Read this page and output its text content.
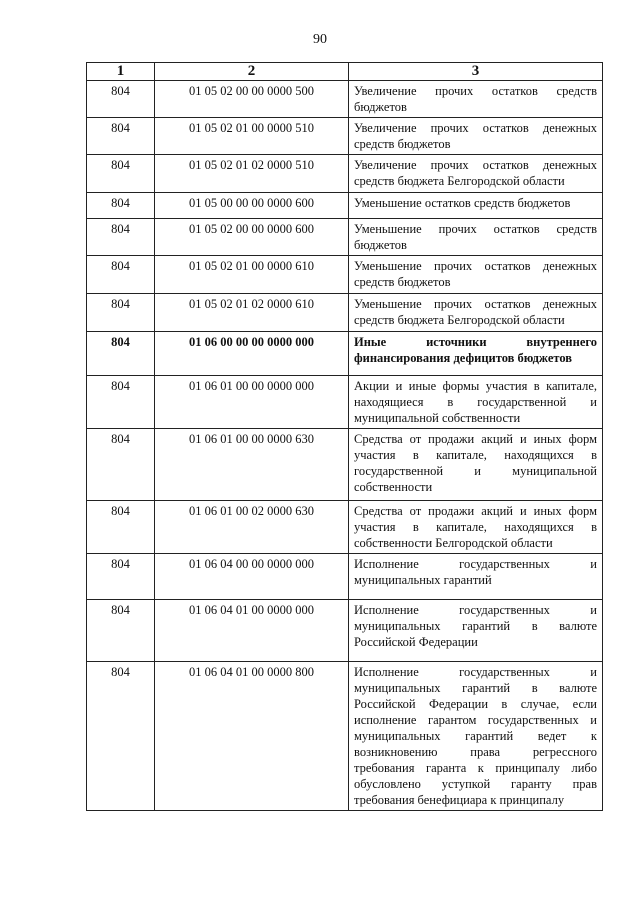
90
1	2	3
804	01 05 02 00 00 0000 500	Увеличение прочих остатков средств бюджетов
804	01 05 02 01 00 0000 510	Увеличение прочих остатков денежных средств бюджетов
804	01 05 02 01 02 0000 510	Увеличение прочих остатков денежных средств бюджета Белгородской области
804	01 05 00 00 00 0000 600	Уменьшение остатков средств бюджетов
804	01 05 02 00 00 0000 600	Уменьшение прочих остатков средств бюджетов
804	01 05 02 01 00 0000 610	Уменьшение прочих остатков денежных средств бюджетов
804	01 05 02 01 02 0000 610	Уменьшение прочих остатков денежных средств бюджета Белгородской области
804	01 06 00 00 00 0000 000	Иные источники внутреннего финансирования дефицитов бюджетов
804	01 06 01 00 00 0000 000	Акции и иные формы участия в капитале, находящиеся в государственной и муниципальной собственности
804	01 06 01 00 00 0000 630	Средства от продажи акций и иных форм участия в капитале, находящихся в государственной и муниципальной собственности
804	01 06 01 00 02 0000 630	Средства от продажи акций и иных форм участия в капитале, находящихся в собственности Белгородской области
804	01 06 04 00 00 0000 000	Исполнение государственных и муниципальных гарантий
804	01 06 04 01 00 0000 000	Исполнение государственных и муниципальных гарантий в валюте Российской Федерации
804	01 06 04 01 00 0000 800	Исполнение государственных и муниципальных гарантий в валюте Российской Федерации в случае, если исполнение гарантом государственных и муниципальных гарантий ведет к возникновению права регрессного требования гаранта к принципалу либо обусловлено уступкой гаранту прав требования бенефициара к принципалу
